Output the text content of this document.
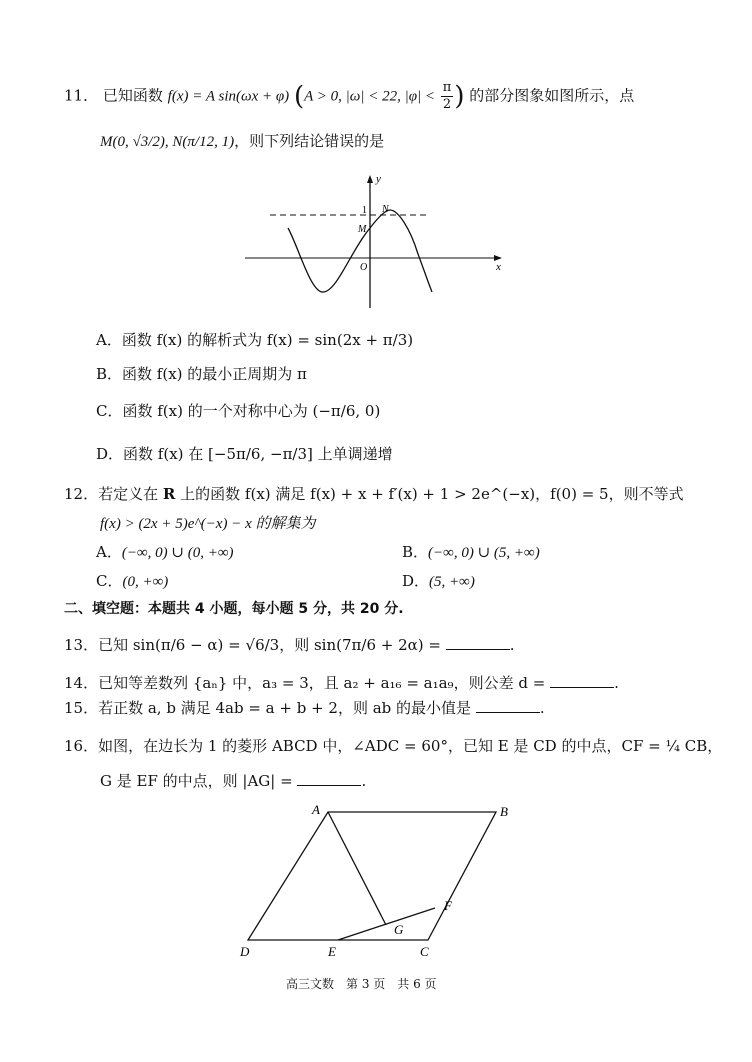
11． 已知函数 f(x) = A sin(ωx + φ) (A > 0, |ω| < 22, $|\varphi| < \frac{\pi}{2}$ ) 的部分图象如图所示，点
M(0, √3/2), N(π/12, 1)，则下列结论错误的是
y
x
1 N
M
O
A．函数 f(x) 的解析式为 f(x) = sin(2x + π/3)
B．函数 f(x) 的最小正周期为 π
C．函数 f(x) 的一个对称中心为 (−π/6, 0)
D．函数 f(x) 在 [−5π/6, −π/3] 上单调递增
12．若定义在 R 上的函数 f(x) 满足 f(x) + x + f′(x) + 1 > 2e^(−x)，f(0) = 5，则不等式
f(x) > (2x + 5)e^(−x) − x 的解集为
A．(−∞, 0) ∪ (0, +∞)	B．(−∞, 0) ∪ (5, +∞)
C．(0, +∞)	D．(5, +∞)
二、填空题：本题共 4 小题，每小题 5 分，共 20 分.
13．已知 sin(π/6 − α) = √6/3，则 sin(7π/6 + 2α) =	.
14．已知等差数列 {aₙ} 中，a₃ = 3，且 a₂ + a₁₆ = a₁a₉，则公差 d =	.
15．若正数 a, b 满足 4ab = a + b + 2，则 ab 的最小值是	.
16．如图，在边长为 1 的菱形 ABCD 中，∠ADC = 60°，已知 E 是 CD 的中点，CF = ¼ CB，
G 是 EF 的中点，则 |AG| =	.
A	B
C
D	E
F
G
高三文数　第 3 页　共 6 页
